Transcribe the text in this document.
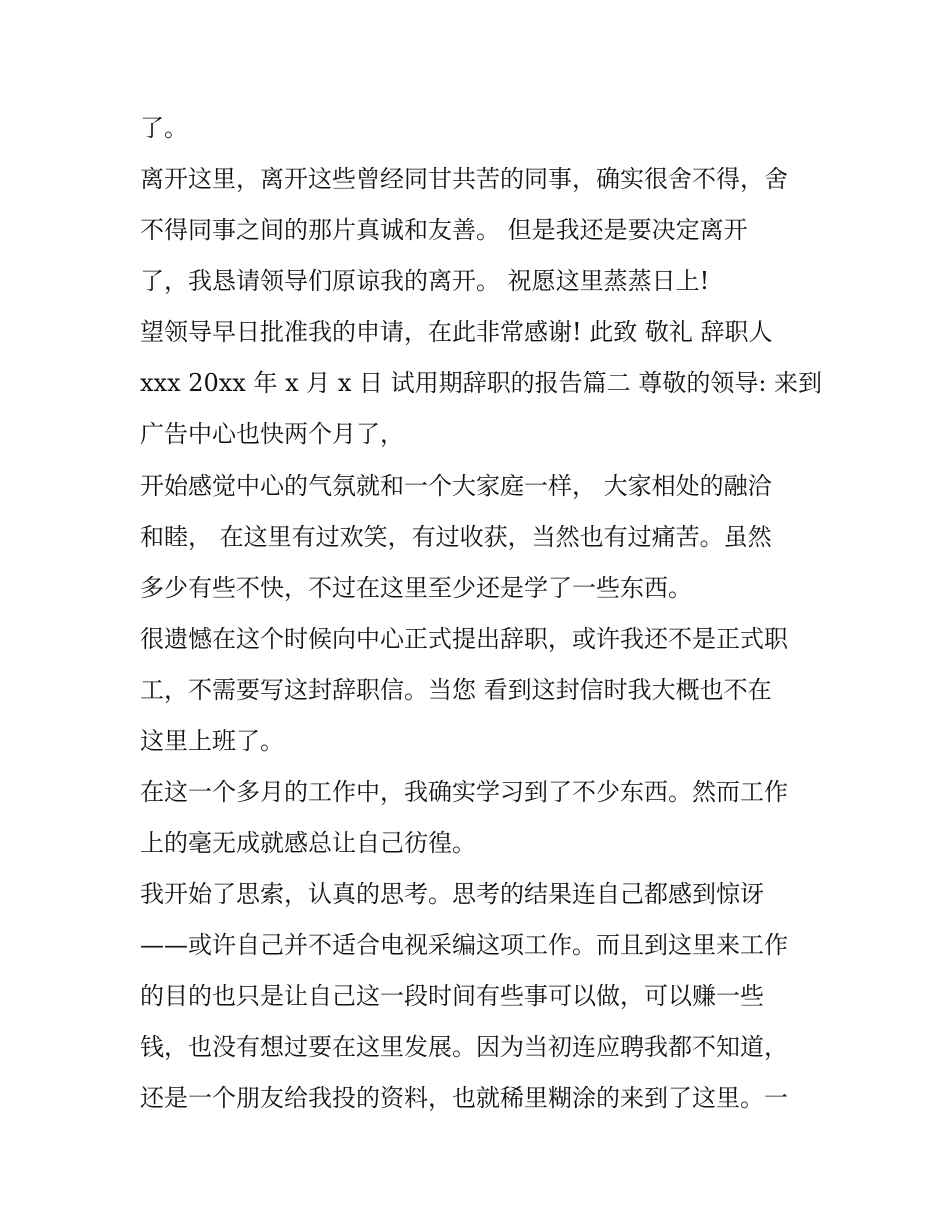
了。

离开这里，离开这些曾经同甘共苦的同事，确实很舍不得，舍

不得同事之间的那片真诚和友善。 但是我还是要决定离开

了，我恳请领导们原谅我的离开。 祝愿这里蒸蒸日上!

望领导早日批准我的申请，在此非常感谢! 此致 敬礼 辞职人

xxx 20xx 年 x 月 x 日 试用期辞职的报告篇二 尊敬的领导: 来到

广告中心也快两个月了，

开始感觉中心的气氛就和一个大家庭一样， 大家相处的融洽

和睦， 在这里有过欢笑，有过收获，当然也有过痛苦。虽然

多少有些不快，不过在这里至少还是学了一些东西。

很遗憾在这个时候向中心正式提出辞职，或许我还不是正式职

工，不需要写这封辞职信。当您 看到这封信时我大概也不在

这里上班了。

在这一个多月的工作中，我确实学习到了不少东西。然而工作

上的毫无成就感总让自己彷徨。

我开始了思索，认真的思考。思考的结果连自己都感到惊讶

——或许自己并不适合电视采编这项工作。而且到这里来工作

的目的也只是让自己这一段时间有些事可以做，可以赚一些

钱，也没有想过要在这里发展。因为当初连应聘我都不知道，

还是一个朋友给我投的资料，也就稀里糊涂的来到了这里。一
